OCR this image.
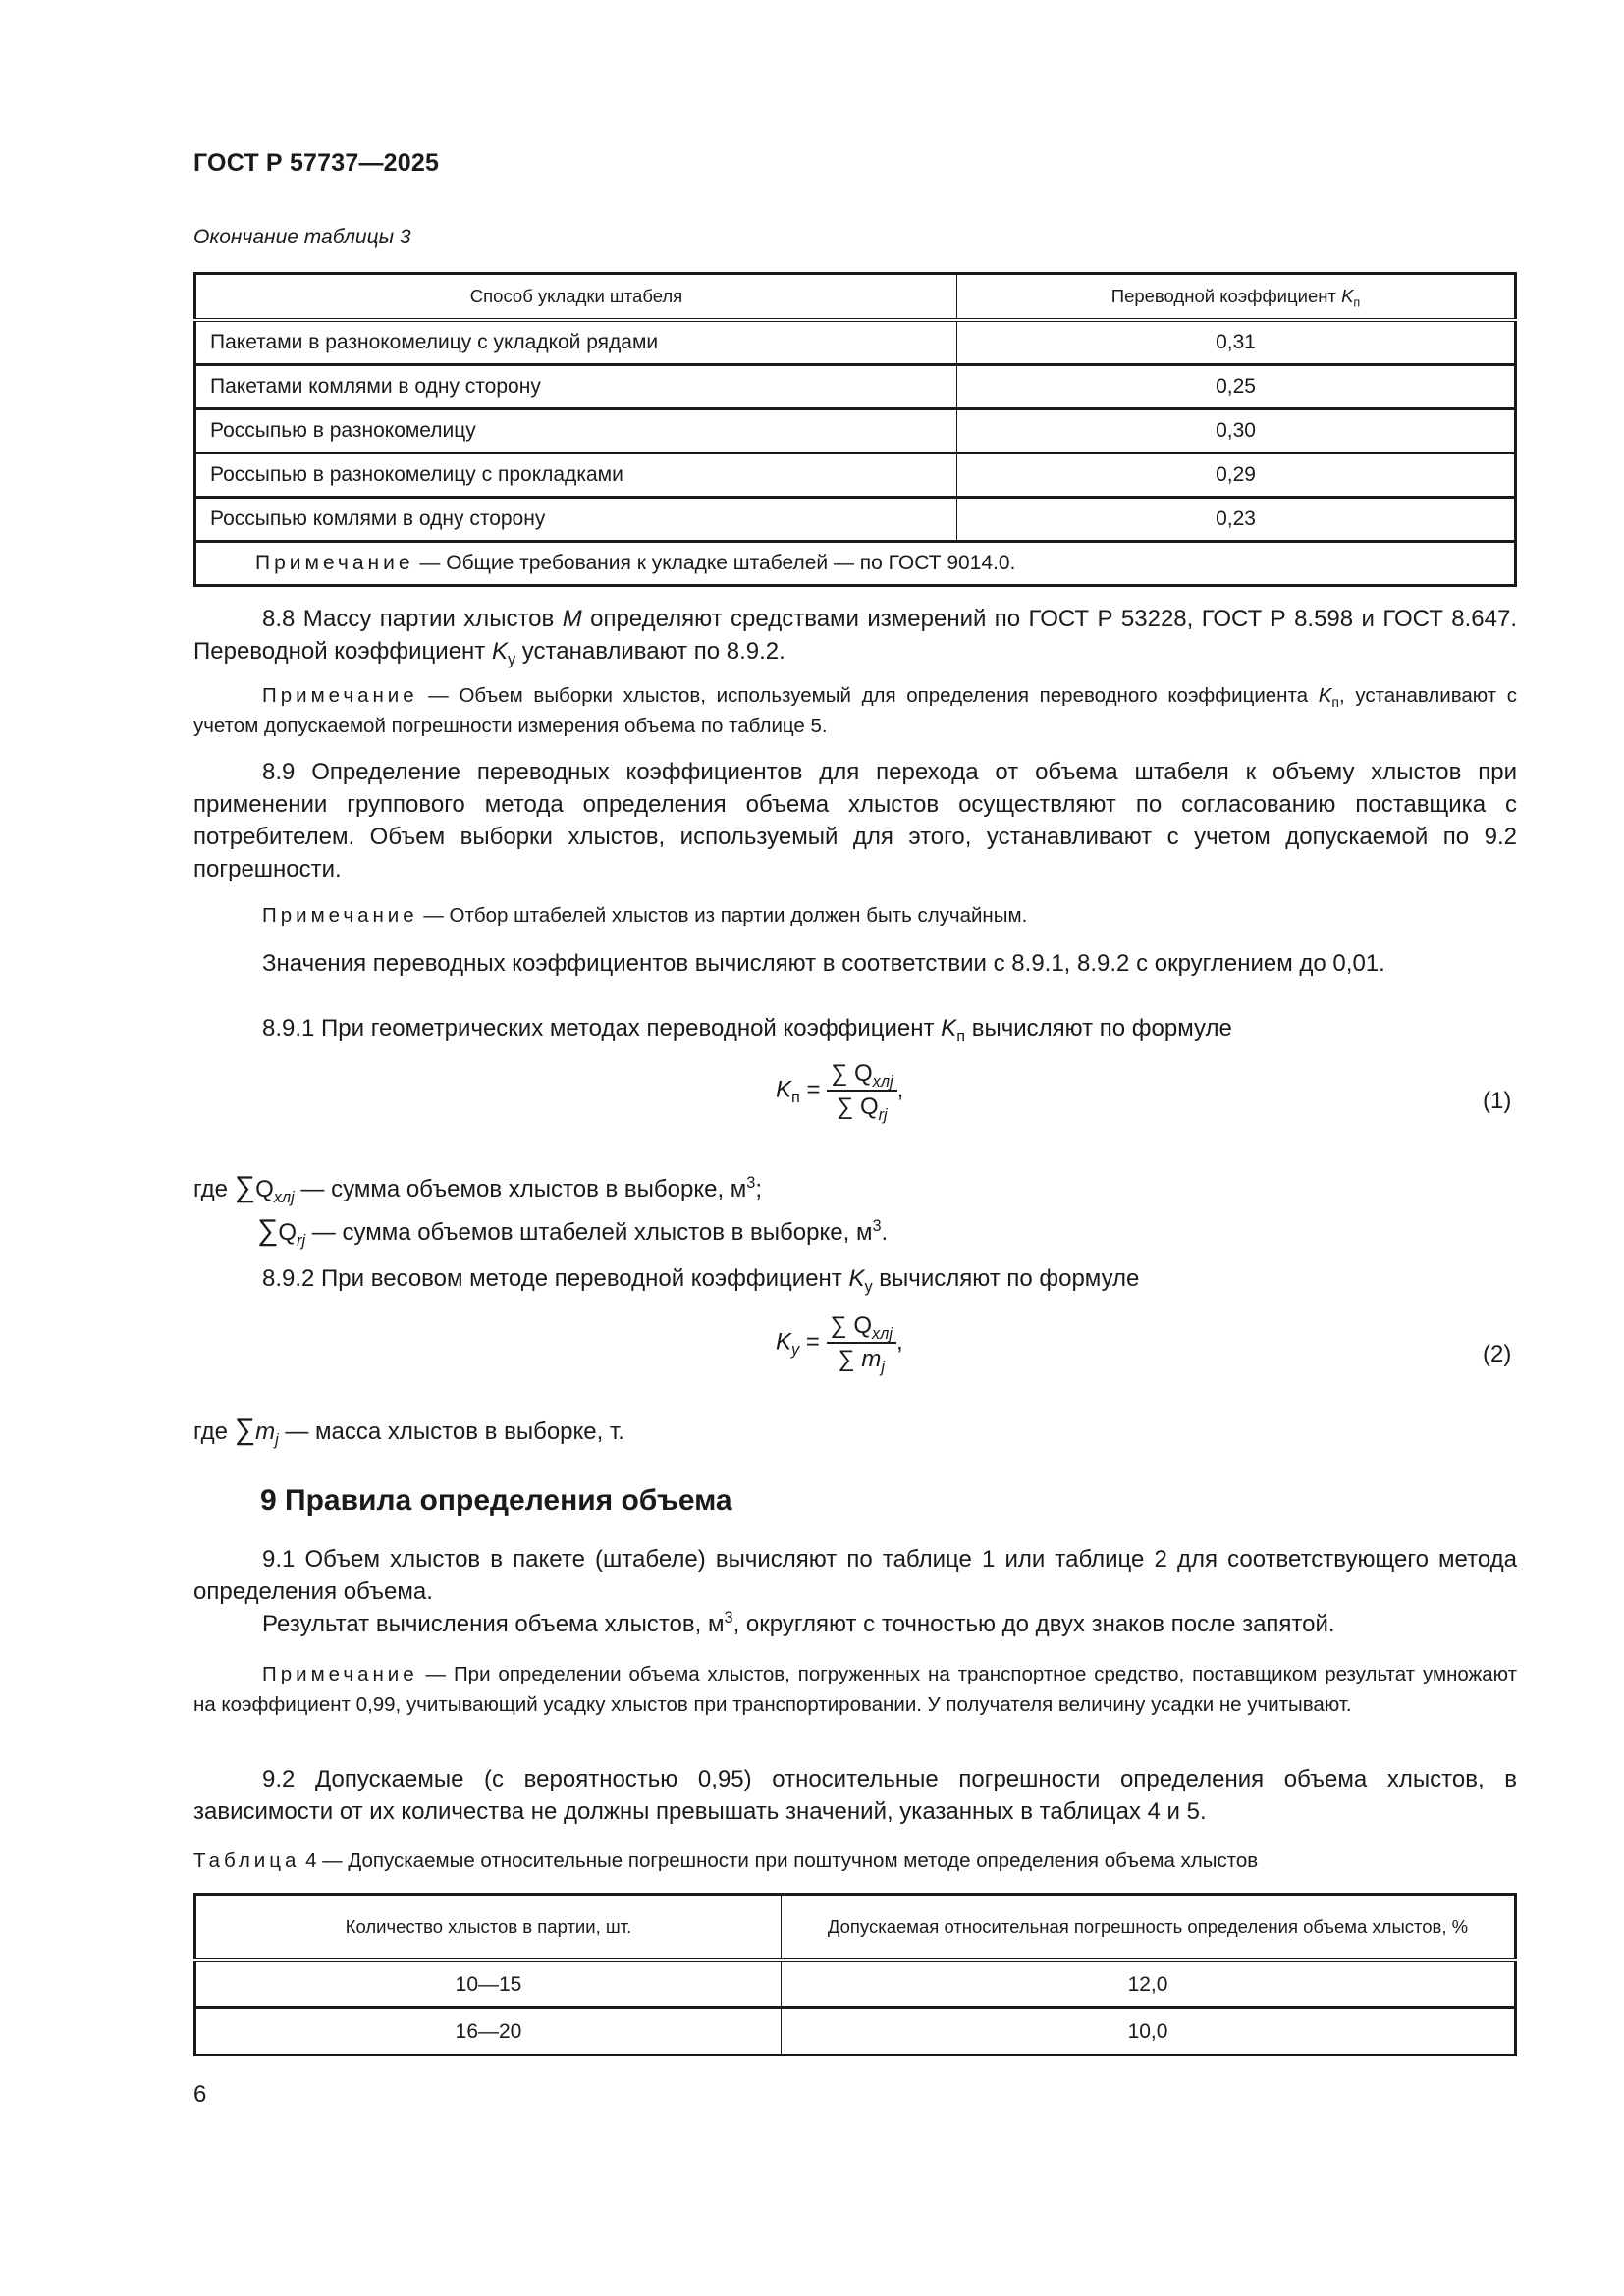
ГОСТ Р 57737—2025
Окончание таблицы 3
Способ укладки штабеля	Переводной коэффициент $K_п$
Пакетами в разнокомелицу с укладкой рядами	0,31
Пакетами комлями в одну сторону	0,25
Россыпью в разнокомелицу	0,30
Россыпью в разнокомелицу с прокладками	0,29
Россыпью комлями в одну сторону	0,23
Примечание — Общие требования к укладке штабелей — по ГОСТ 9014.0.	
8.8 Массу партии хлыстов M определяют средствами измерений по ГОСТ Р 53228, ГОСТ Р 8.598 и ГОСТ 8.647. Переводной коэффициент $K_у$ устанавливают по 8.9.2.
Примечание — Объем выборки хлыстов, используемый для определения переводного коэффициента $K_п$, устанавливают с учетом допускаемой погрешности измерения объема по таблице 5.
8.9 Определение переводных коэффициентов для перехода от объема штабеля к объему хлыстов при применении группового метода определения объема хлыстов осуществляют по согласованию поставщика с потребителем. Объем выборки хлыстов, используемый для этого, устанавливают с учетом допускаемой по 9.2 погрешности.
Примечание — Отбор штабелей хлыстов из партии должен быть случайным.
Значения переводных коэффициентов вычисляют в соответствии с 8.9.1, 8.9.2 с округлением до 0,01.
8.9.1 При геометрических методах переводной коэффициент $K_п$ вычисляют по формуле
$K_п = \frac{\sum Q_{хлj}}{\sum Q_{rj}}$ ,	(1)
где $\sum Q_{хлj}$ — сумма объемов хлыстов в выборке, $м^3$;
$\sum Q_{rj}$ — сумма объемов штабелей хлыстов в выборке, $м^3$.
8.9.2 При весовом методе переводной коэффициент $K_у$ вычисляют по формуле
$K_у = \frac{\sum Q_{хлj}}{\sum m_j}$ ,	(2)
где $\sum m_j$ — масса хлыстов в выборке, т.
9 Правила определения объема
9.1 Объем хлыстов в пакете (штабеле) вычисляют по таблице 1 или таблице 2 для соответствующего метода определения объема.
Результат вычисления объема хлыстов, $м^3$, округляют с точностью до двух знаков после запятой.
Примечание — При определении объема хлыстов, погруженных на транспортное средство, поставщиком результат умножают на коэффициент 0,99, учитывающий усадку хлыстов при транспортировании. У получателя величину усадки не учитывают.
9.2 Допускаемые (с вероятностью 0,95) относительные погрешности определения объема хлыстов, в зависимости от их количества не должны превышать значений, указанных в таблицах 4 и 5.
Таблица 4 — Допускаемые относительные погрешности при поштучном методе определения объема хлыстов
Количество хлыстов в партии, шт.	Допускаемая относительная погрешность определения объема хлыстов, %
10—15	12,0
16—20	10,0
6
